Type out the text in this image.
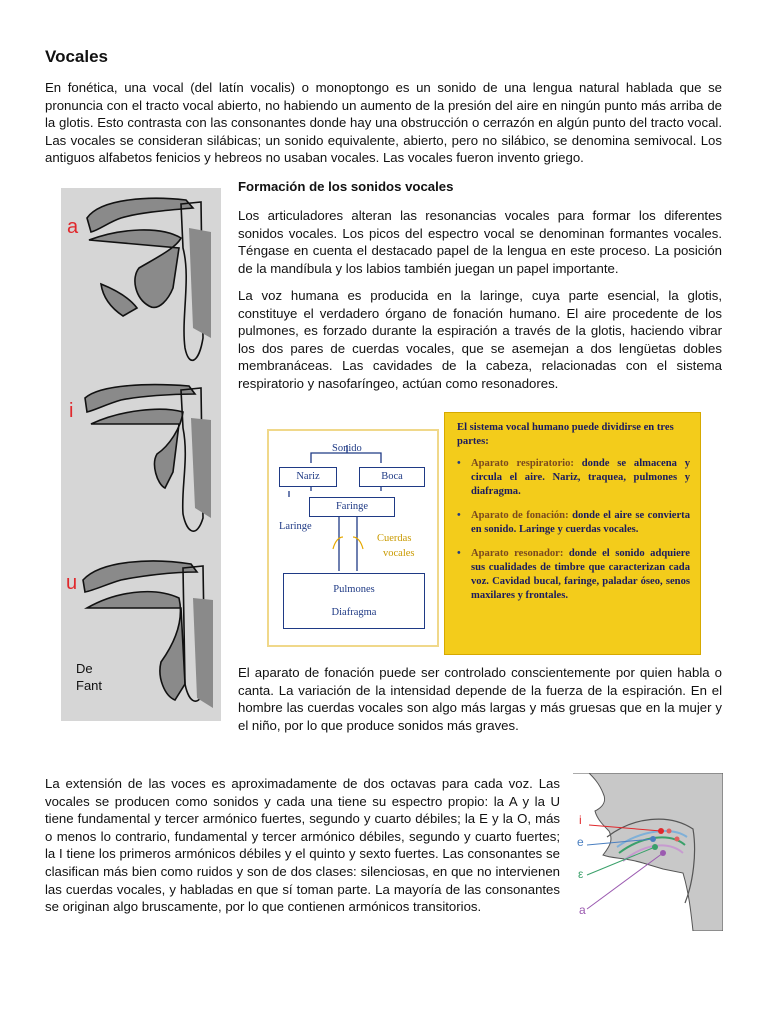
Vocales

En fonética, una vocal (del latín vocalis) o monoptongo es un sonido de una lengua natural hablada que se pronuncia con el tracto vocal abierto, no habiendo un aumento de la presión del aire en ningún punto más arriba de la glotis. Esto contrasta con las consonantes donde hay una obstrucción o cerrazón en algún punto del tracto vocal. Las vocales se consideran silábicas; un sonido equivalente, abierto, pero no silábico, se denomina semivocal. Los antiguos alfabetos fenicios y hebreos no usaban vocales. Las vocales fueron invento griego.

a
i
u
De
Fant
Formación de los sonidos vocales

Los articuladores alteran las resonancias vocales para formar los diferentes sonidos vocales. Los picos del espectro vocal se denominan formantes vocales. Téngase en cuenta el destacado papel de la lengua en este proceso. La posición de la mandíbula y los labios también juegan un papel importante.

La voz humana es producida en la laringe, cuya parte esencial, la glotis, constituye el verdadero órgano de fonación humano. El aire procedente de los pulmones, es forzado durante la espiración a través de la glotis, haciendo vibrar los dos pares de cuerdas vocales, que se asemejan a dos lengüetas dobles membranáceas. Las cavidades de la cabeza, relacionadas con el sistema respiratorio y nasofaríngeo, actúan como resonadores.

Sonido
Nariz	Boca
Faringe
Laringe
Cuerdas
vocales
Pulmones
Diafragma

El sistema vocal humano puede dividirse en tres partes:

• Aparato respiratorio: donde se almacena y circula el aire. Nariz, traquea, pulmones y diafragma.
• Aparato de fonación: donde el aire se convierta en sonido. Laringe y cuerdas vocales.
• Aparato resonador: donde el sonido adquiere sus cualidades de timbre que caracterizan cada voz. Cavidad bucal, faringe, paladar óseo, senos maxilares y frontales.

El aparato de fonación puede ser controlado conscientemente por quien habla o canta. La variación de la intensidad depende de la fuerza de la espiración. En el hombre las cuerdas vocales son algo más largas y más gruesas que en la mujer y el niño, por lo que produce sonidos más graves.

La extensión de las voces es aproximadamente de dos octavas para cada voz. Las vocales se producen como sonidos y cada una tiene su espectro propio: la A y la U tiene fundamental y tercer armónico fuertes, segundo y cuarto débiles; la E y la O, más o menos lo contrario, fundamental y tercer armónico débiles, segundo y cuarto fuertes; la I tiene los primeros armónicos débiles y el quinto y sexto fuertes. Las consonantes se clasifican más bien como ruidos y son de dos clases: silenciosas, en que no intervienen las cuerdas vocales, y habladas en que sí toman parte. La mayoría de las consonantes se originan algo bruscamente, por lo que contienen armónicos transitorios.

i
e
ε
a
